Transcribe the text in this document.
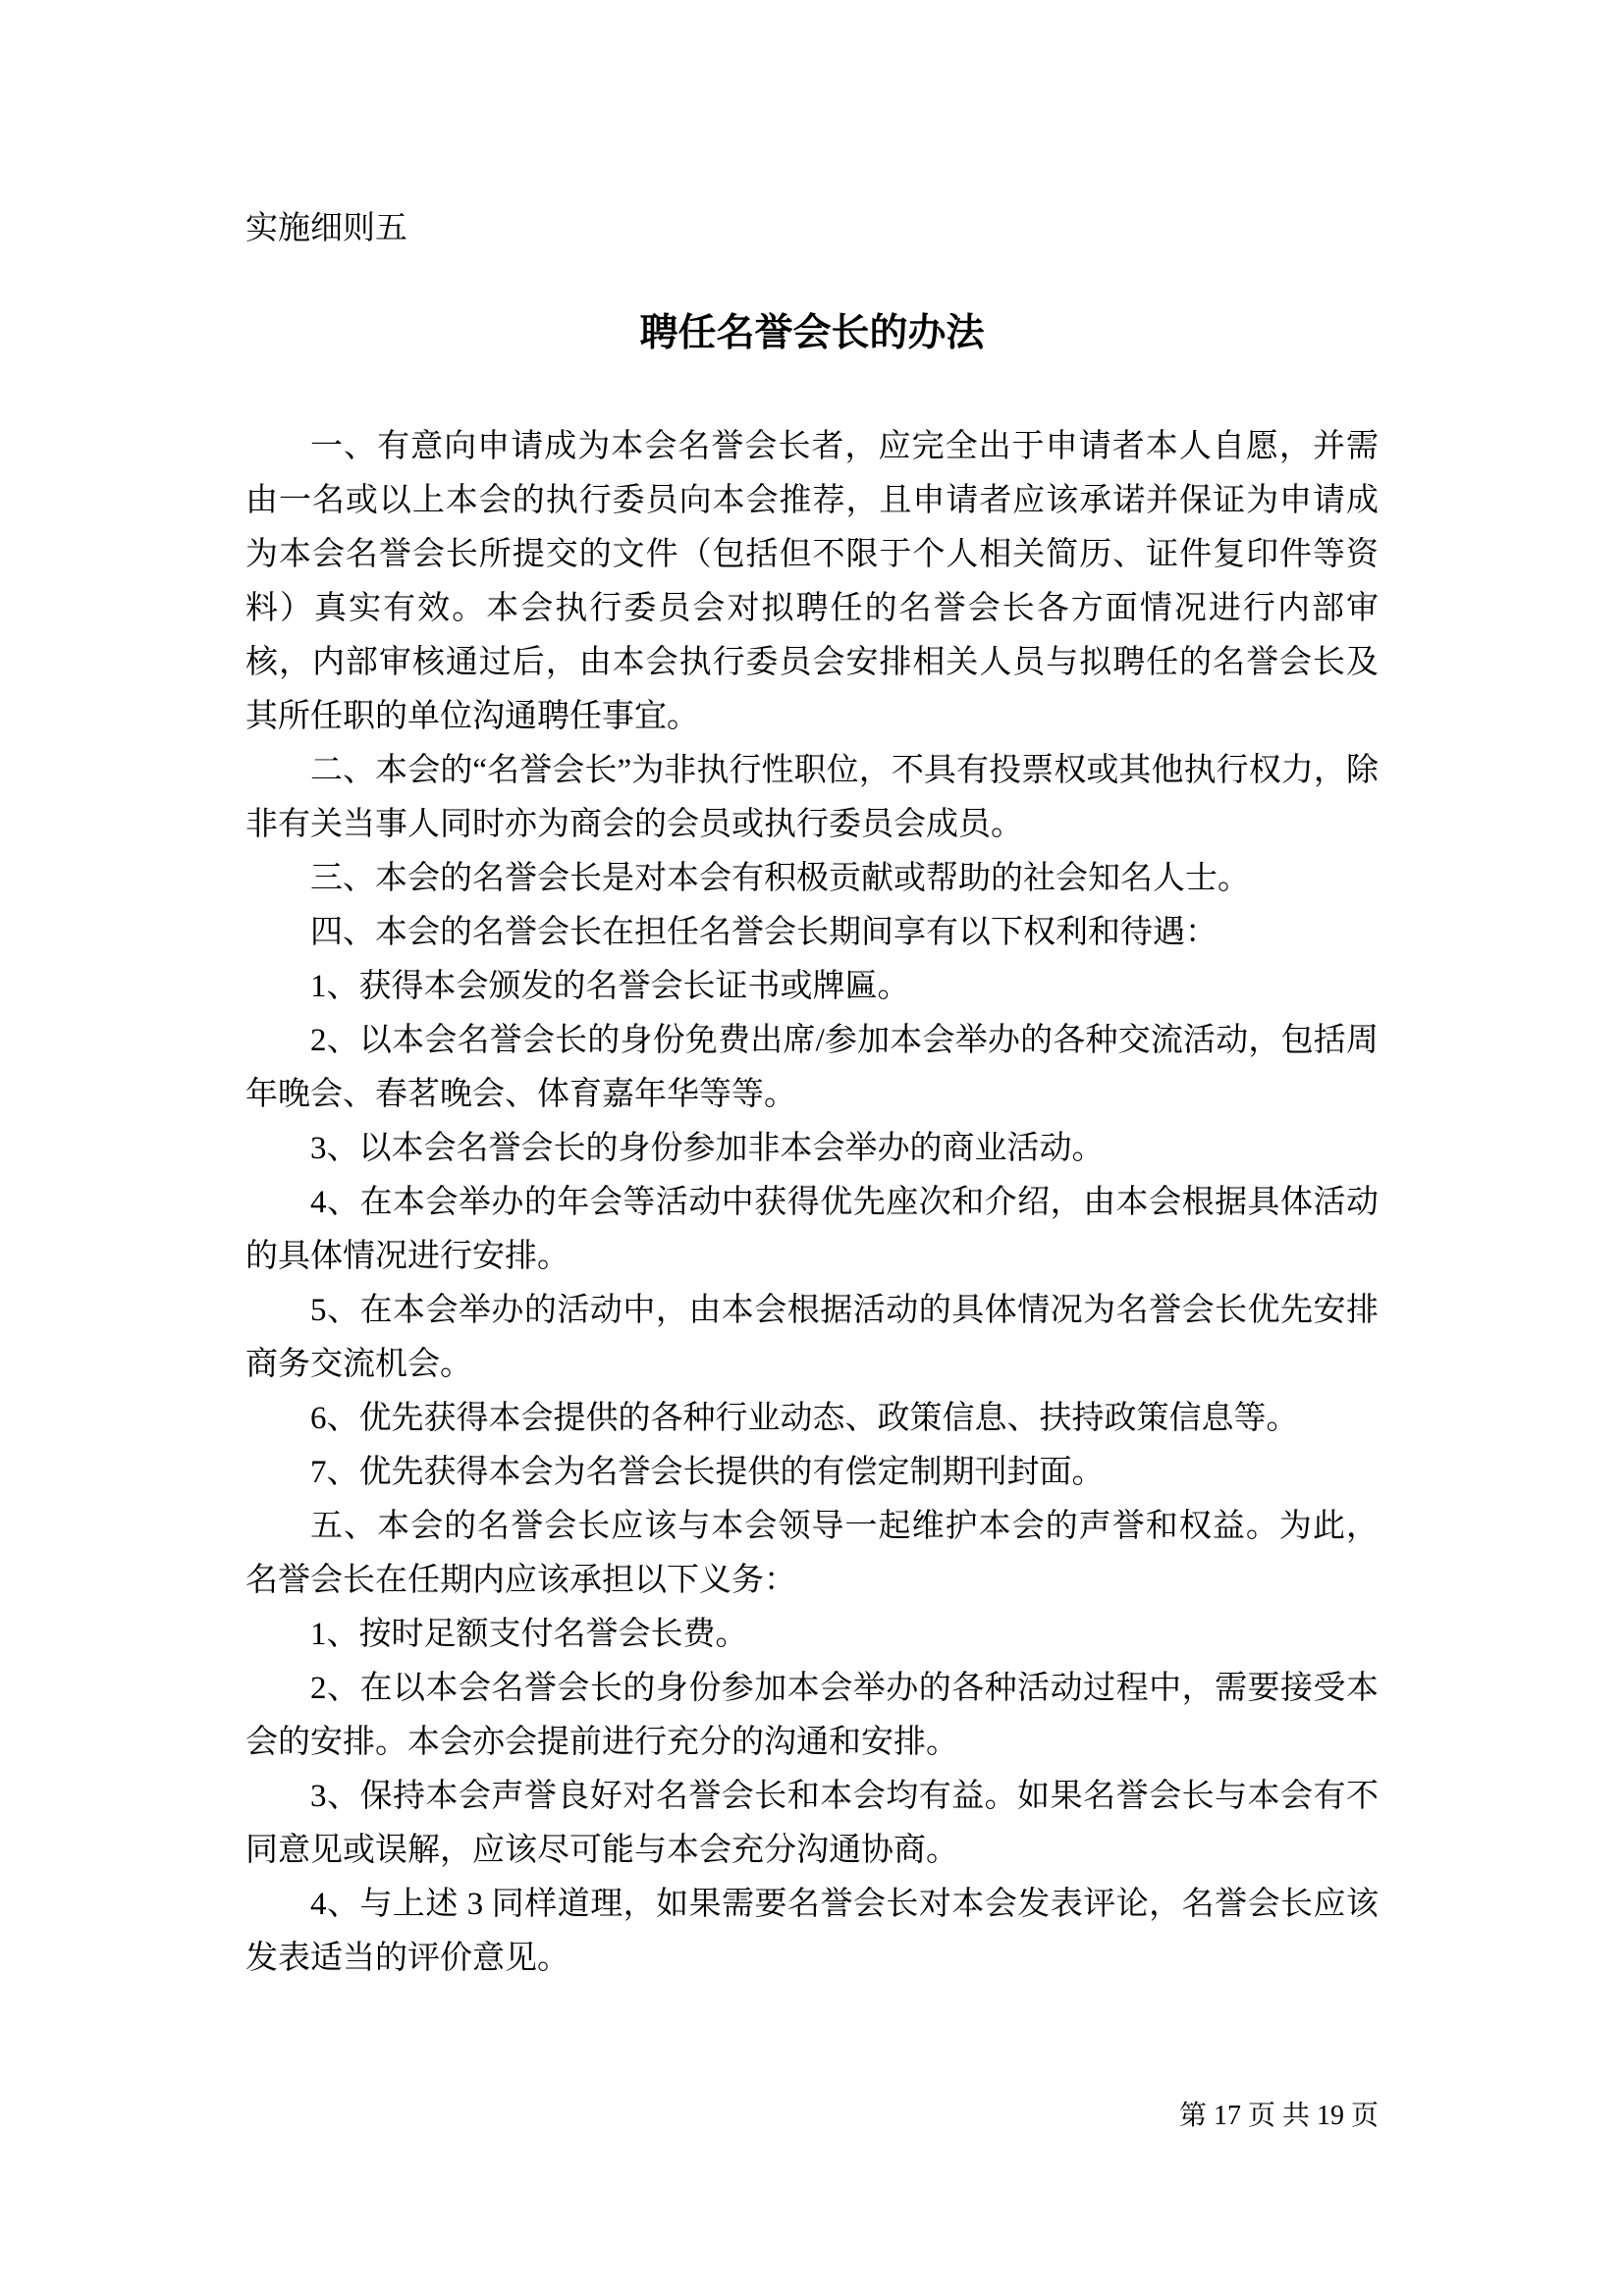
实施细则五
聘任名誉会长的办法

一、有意向申请成为本会名誉会长者，应完全出于申请者本人自愿，并需由一名或以上本会的执行委员向本会推荐，且申请者应该承诺并保证为申请成为本会名誉会长所提交的文件（包括但不限于个人相关简历、证件复印件等资料）真实有效。本会执行委员会对拟聘任的名誉会长各方面情况进行内部审核，内部审核通过后，由本会执行委员会安排相关人员与拟聘任的名誉会长及其所任职的单位沟通聘任事宜。

二、本会的“名誉会长”为非执行性职位，不具有投票权或其他执行权力，除非有关当事人同时亦为商会的会员或执行委员会成员。

三、本会的名誉会长是对本会有积极贡献或帮助的社会知名人士。

四、本会的名誉会长在担任名誉会长期间享有以下权利和待遇：

1、获得本会颁发的名誉会长证书或牌匾。

2、以本会名誉会长的身份免费出席/参加本会举办的各种交流活动，包括周年晚会、春茗晚会、体育嘉年华等等。

3、以本会名誉会长的身份参加非本会举办的商业活动。

4、在本会举办的年会等活动中获得优先座次和介绍，由本会根据具体活动的具体情况进行安排。

5、在本会举办的活动中，由本会根据活动的具体情况为名誉会长优先安排商务交流机会。

6、优先获得本会提供的各种行业动态、政策信息、扶持政策信息等。

7、优先获得本会为名誉会长提供的有偿定制期刊封面。

五、本会的名誉会长应该与本会领导一起维护本会的声誉和权益。为此，名誉会长在任期内应该承担以下义务：

1、按时足额支付名誉会长费。

2、在以本会名誉会长的身份参加本会举办的各种活动过程中，需要接受本会的安排。本会亦会提前进行充分的沟通和安排。

3、保持本会声誉良好对名誉会长和本会均有益。如果名誉会长与本会有不同意见或误解，应该尽可能与本会充分沟通协商。

4、与上述 3 同样道理，如果需要名誉会长对本会发表评论，名誉会长应该发表适当的评价意见。

第 17 页 共 19 页
